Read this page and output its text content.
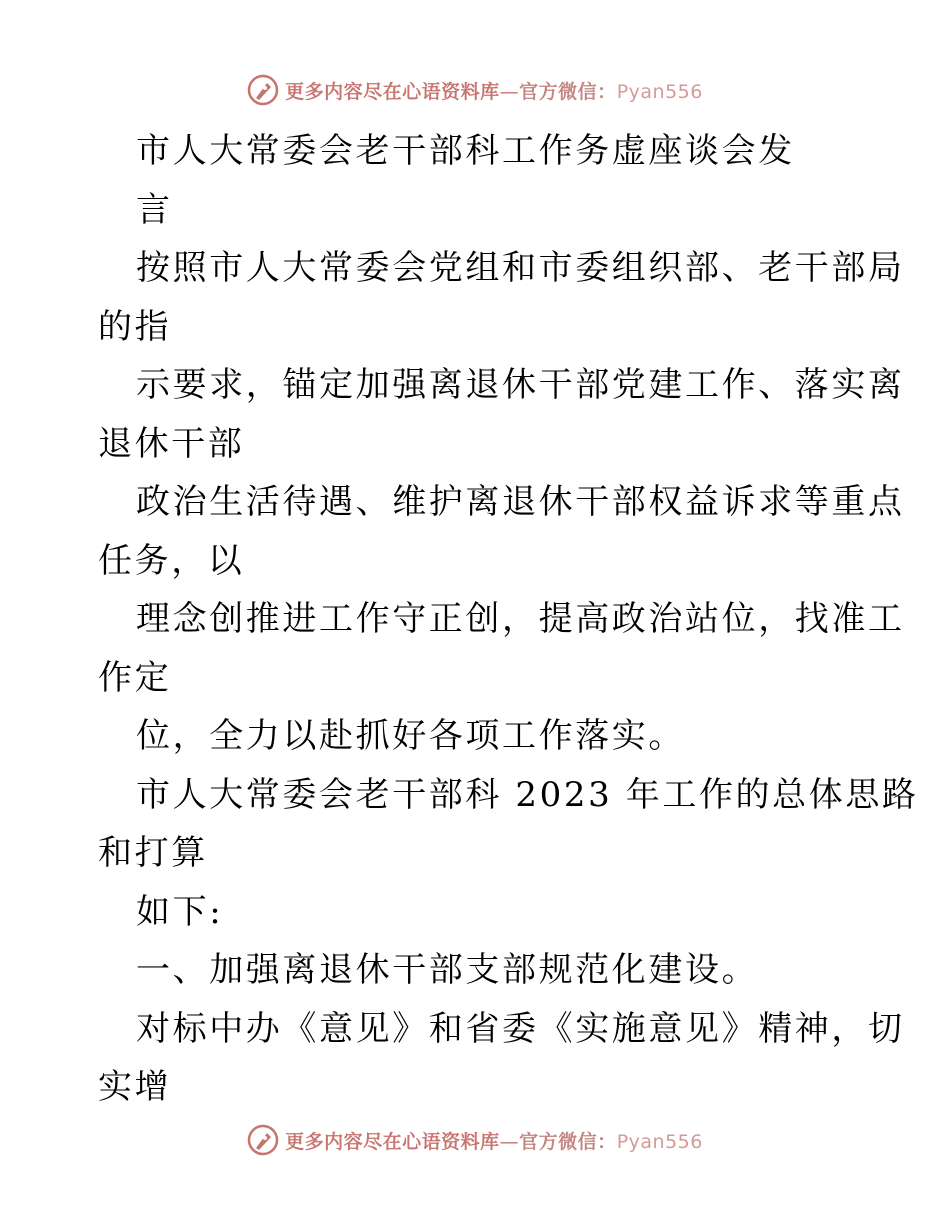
更多内容尽在心语资料库—官方微信：Pyan556
市人大常委会老干部科工作务虚座谈会发
言
按照市人大常委会党组和市委组织部、老干部局
的指
示要求，锚定加强离退休干部党建工作、落实离
退休干部
政治生活待遇、维护离退休干部权益诉求等重点
任务，以
理念创推进工作守正创，提高政治站位，找准工
作定
位，全力以赴抓好各项工作落实。
市人大常委会老干部科 2023 年工作的总体思路
和打算
如下:
一、加强离退休干部支部规范化建设。
对标中办《意见》和省委《实施意见》精神，切
实增
更多内容尽在心语资料库—官方微信：Pyan556
